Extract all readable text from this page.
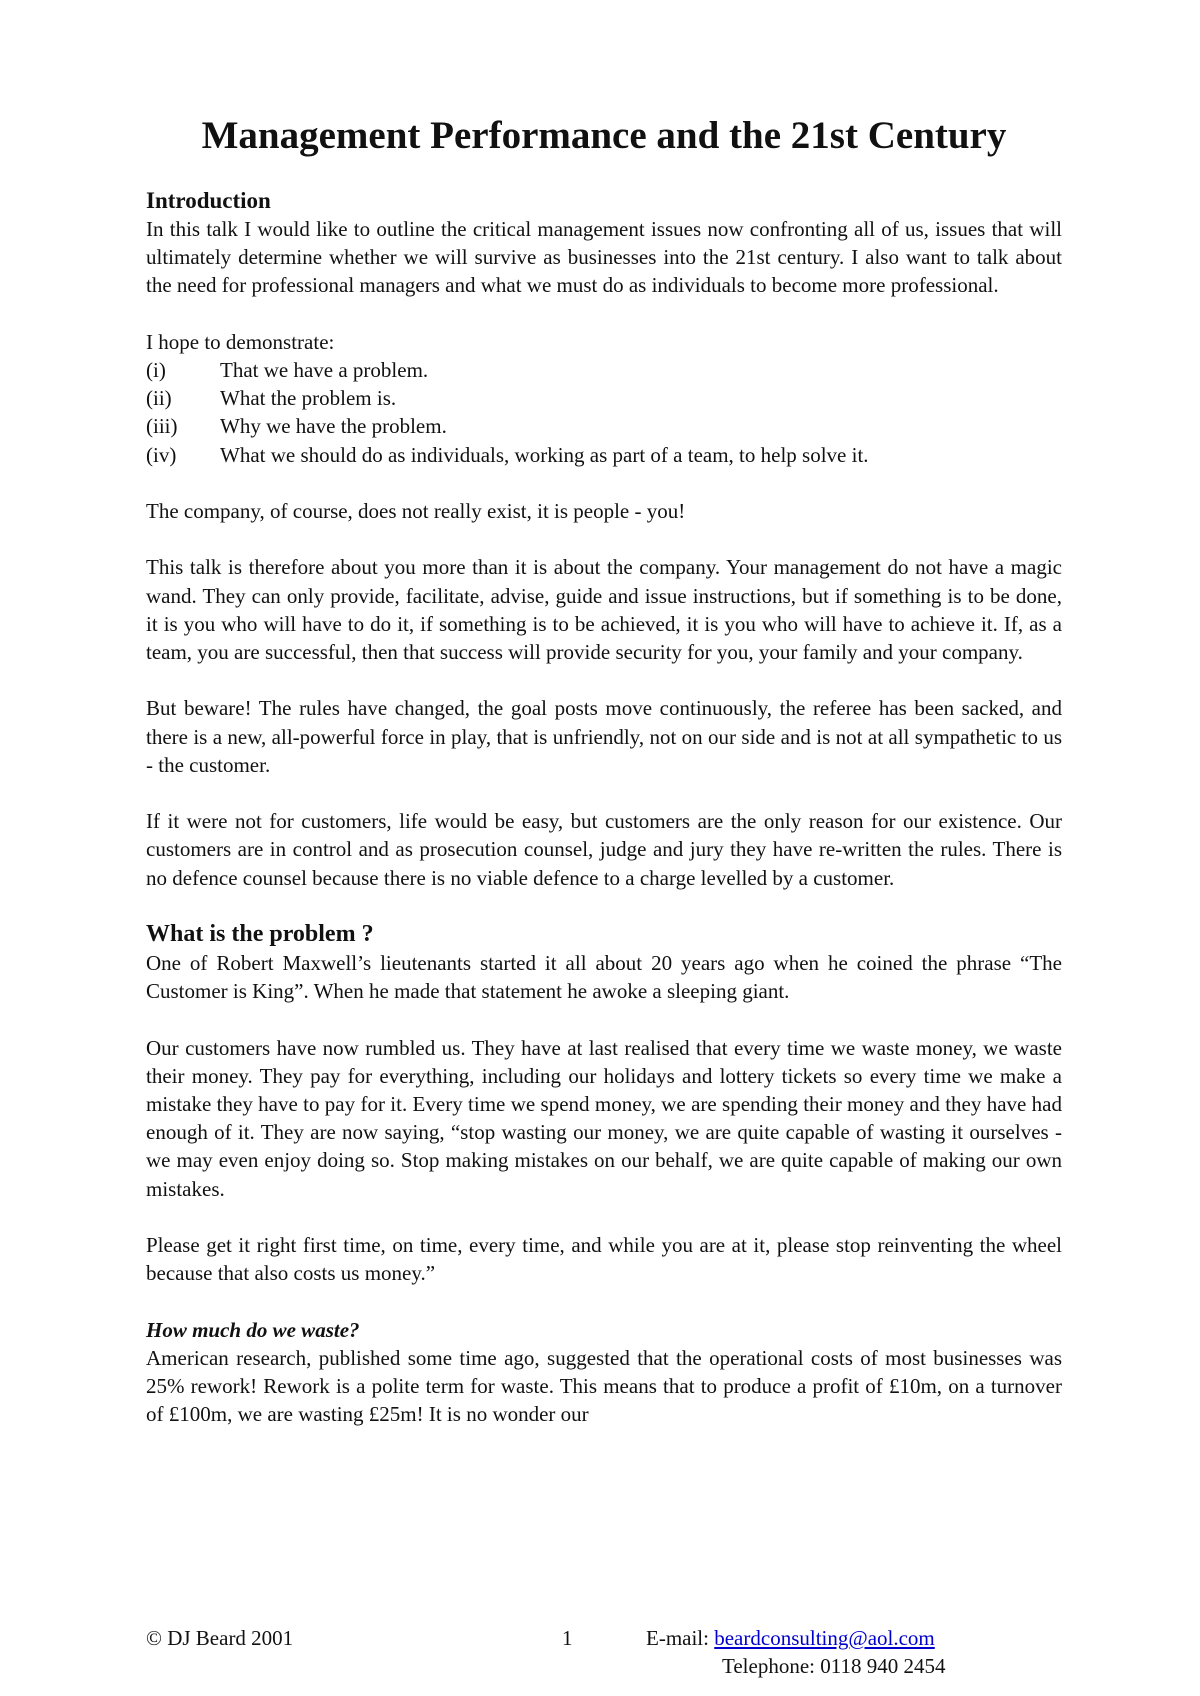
Management Performance and the 21st Century
Introduction

In this talk I would like to outline the critical management issues now confronting all of us, issues that will ultimately determine whether we will survive as businesses into the 21st century. I also want to talk about the need for professional managers and what we must do as individuals to become more professional.

I hope to demonstrate:

(i)	That we have a problem.
(ii)	What the problem is.
(iii)	Why we have the problem.
(iv)	What we should do as individuals, working as part of a team, to help solve it.

The company, of course, does not really exist, it is people - you!

This talk is therefore about you more than it is about the company. Your management do not have a magic wand. They can only provide, facilitate, advise, guide and issue instructions, but if something is to be done, it is you who will have to do it, if something is to be achieved, it is you who will have to achieve it. If, as a team, you are successful, then that success will provide security for you, your family and your company.

But beware! The rules have changed, the goal posts move continuously, the referee has been sacked, and there is a new, all-powerful force in play, that is unfriendly, not on our side and is not at all sympathetic to us - the customer.

If it were not for customers, life would be easy, but customers are the only reason for our existence. Our customers are in control and as prosecution counsel, judge and jury they have re-written the rules. There is no defence counsel because there is no viable defence to a charge levelled by a customer.

What is the problem ?

One of Robert Maxwell’s lieutenants started it all about 20 years ago when he coined the phrase “The Customer is King”. When he made that statement he awoke a sleeping giant.

Our customers have now rumbled us. They have at last realised that every time we waste money, we waste their money. They pay for everything, including our holidays and lottery tickets so every time we make a mistake they have to pay for it. Every time we spend money, we are spending their money and they have had enough of it. They are now saying, “stop wasting our money, we are quite capable of wasting it ourselves - we may even enjoy doing so. Stop making mistakes on our behalf, we are quite capable of making our own mistakes.

Please get it right first time, on time, every time, and while you are at it, please stop reinventing the wheel because that also costs us money.”

How much do we waste?

American research, published some time ago, suggested that the operational costs of most businesses was 25% rework! Rework is a polite term for waste. This means that to produce a profit of £10m, on a turnover of £100m, we are wasting £25m! It is no wonder our

© DJ Beard 2001	1	E-mail: beardconsulting@aol.com
Telephone: 0118 940 2454
